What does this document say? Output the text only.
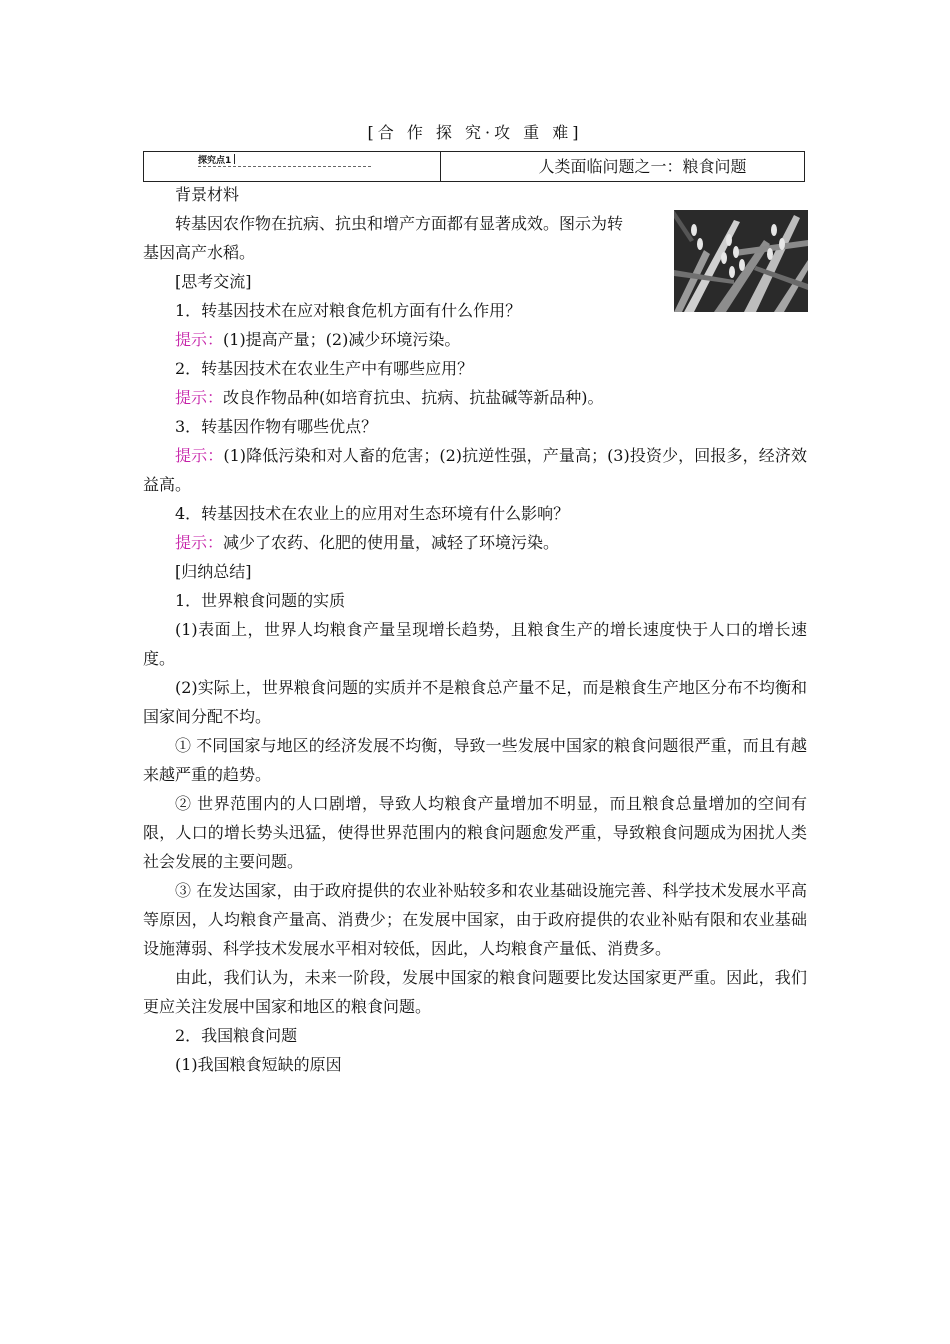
[合 作 探 究·攻 重 难]
探究点1	人类面临问题之一：粮食问题

背景材料

转基因农作物在抗病、抗虫和增产方面都有显著成效。图示为转

基因高产水稻。

[思考交流]

1．转基因技术在应对粮食危机方面有什么作用？

提示：(1)提高产量；(2)减少环境污染。

2．转基因技术在农业生产中有哪些应用？

提示：改良作物品种(如培育抗虫、抗病、抗盐碱等新品种)。

3．转基因作物有哪些优点？

提示：(1)降低污染和对人畜的危害；(2)抗逆性强，产量高；(3)投资少，回报多，经济效益高。

4．转基因技术在农业上的应用对生态环境有什么影响？

提示：减少了农药、化肥的使用量，减轻了环境污染。

[归纳总结]

1．世界粮食问题的实质

(1)表面上，世界人均粮食产量呈现增长趋势，且粮食生产的增长速度快于人口的增长速度。

(2)实际上，世界粮食问题的实质并不是粮食总产量不足，而是粮食生产地区分布不均衡和国家间分配不均。

① 不同国家与地区的经济发展不均衡，导致一些发展中国家的粮食问题很严重，而且有越来越严重的趋势。

② 世界范围内的人口剧增，导致人均粮食产量增加不明显，而且粮食总量增加的空间有限，人口的增长势头迅猛，使得世界范围内的粮食问题愈发严重，导致粮食问题成为困扰人类社会发展的主要问题。

③ 在发达国家，由于政府提供的农业补贴较多和农业基础设施完善、科学技术发展水平高等原因，人均粮食产量高、消费少；在发展中国家，由于政府提供的农业补贴有限和农业基础设施薄弱、科学技术发展水平相对较低，因此，人均粮食产量低、消费多。

由此，我们认为，未来一阶段，发展中国家的粮食问题要比发达国家更严重。因此，我们更应关注发展中国家和地区的粮食问题。

2．我国粮食问题

(1)我国粮食短缺的原因
